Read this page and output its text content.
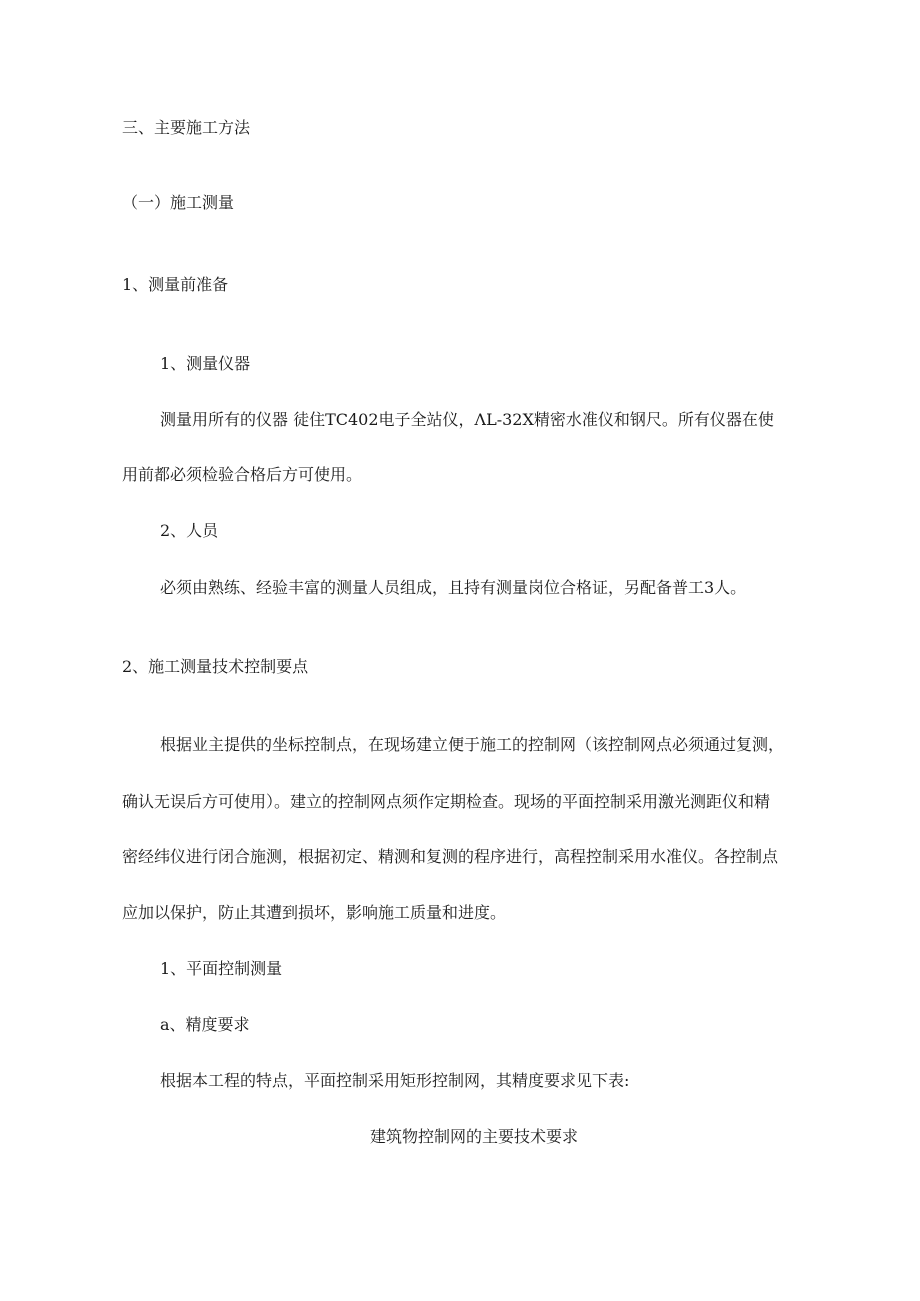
三、主要施工方法

（一）施工测量

1、测量前准备

1、测量仪器

测量用所有的仪器 徒住TC402电子全站仪，ΛL-32X精密水准仪和钢尺。所有仪器在使

用前都必须检验合格后方可使用。

2、人员

必须由熟练、经验丰富的测量人员组成，且持有测量岗位合格证，另配备普工3人。

2、施工测量技术控制要点

根据业主提供的坐标控制点，在现场建立便于施工的控制网（该控制网点必须通过复测，

确认无误后方可使用）。建立的控制网点须作定期检查。现场的平面控制采用激光测距仪和精

密经纬仪进行闭合施测，根据初定、精测和复测的程序进行，高程控制采用水准仪。各控制点

应加以保护，防止其遭到损坏，影响施工质量和进度。

1、平面控制测量

a、精度要求

根据本工程的特点，平面控制采用矩形控制网，其精度要求见下表:

建筑物控制网的主要技术要求
